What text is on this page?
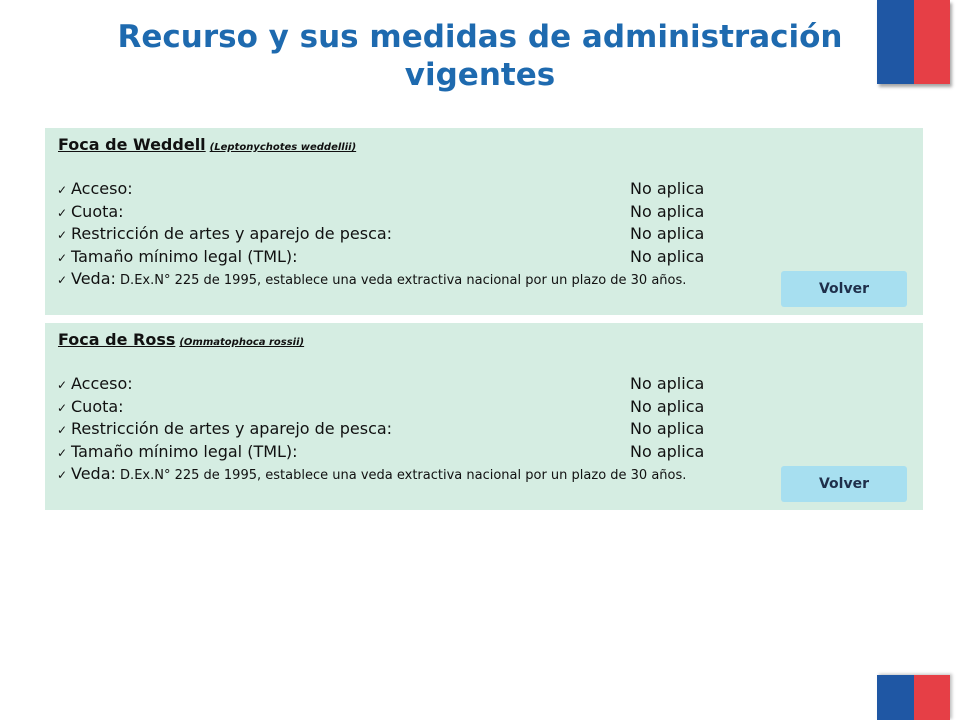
Recurso y sus medidas de administración vigentes
Foca de Weddell (Leptonychotes weddellii)
✓ Acceso:	No aplica
✓ Cuota:	No aplica
✓ Restricción de artes y aparejo de pesca:	No aplica
✓ Tamaño mínimo legal (TML):	No aplica
✓ Veda: D.Ex.N° 225 de 1995, establece una veda extractiva nacional por un plazo de 30 años.
Volver
Foca de Ross (Ommatophoca rossii)
✓ Acceso:	No aplica
✓ Cuota:	No aplica
✓ Restricción de artes y aparejo de pesca:	No aplica
✓ Tamaño mínimo legal (TML):	No aplica
✓ Veda: D.Ex.N° 225 de 1995, establece una veda extractiva nacional por un plazo de 30 años.
Volver
